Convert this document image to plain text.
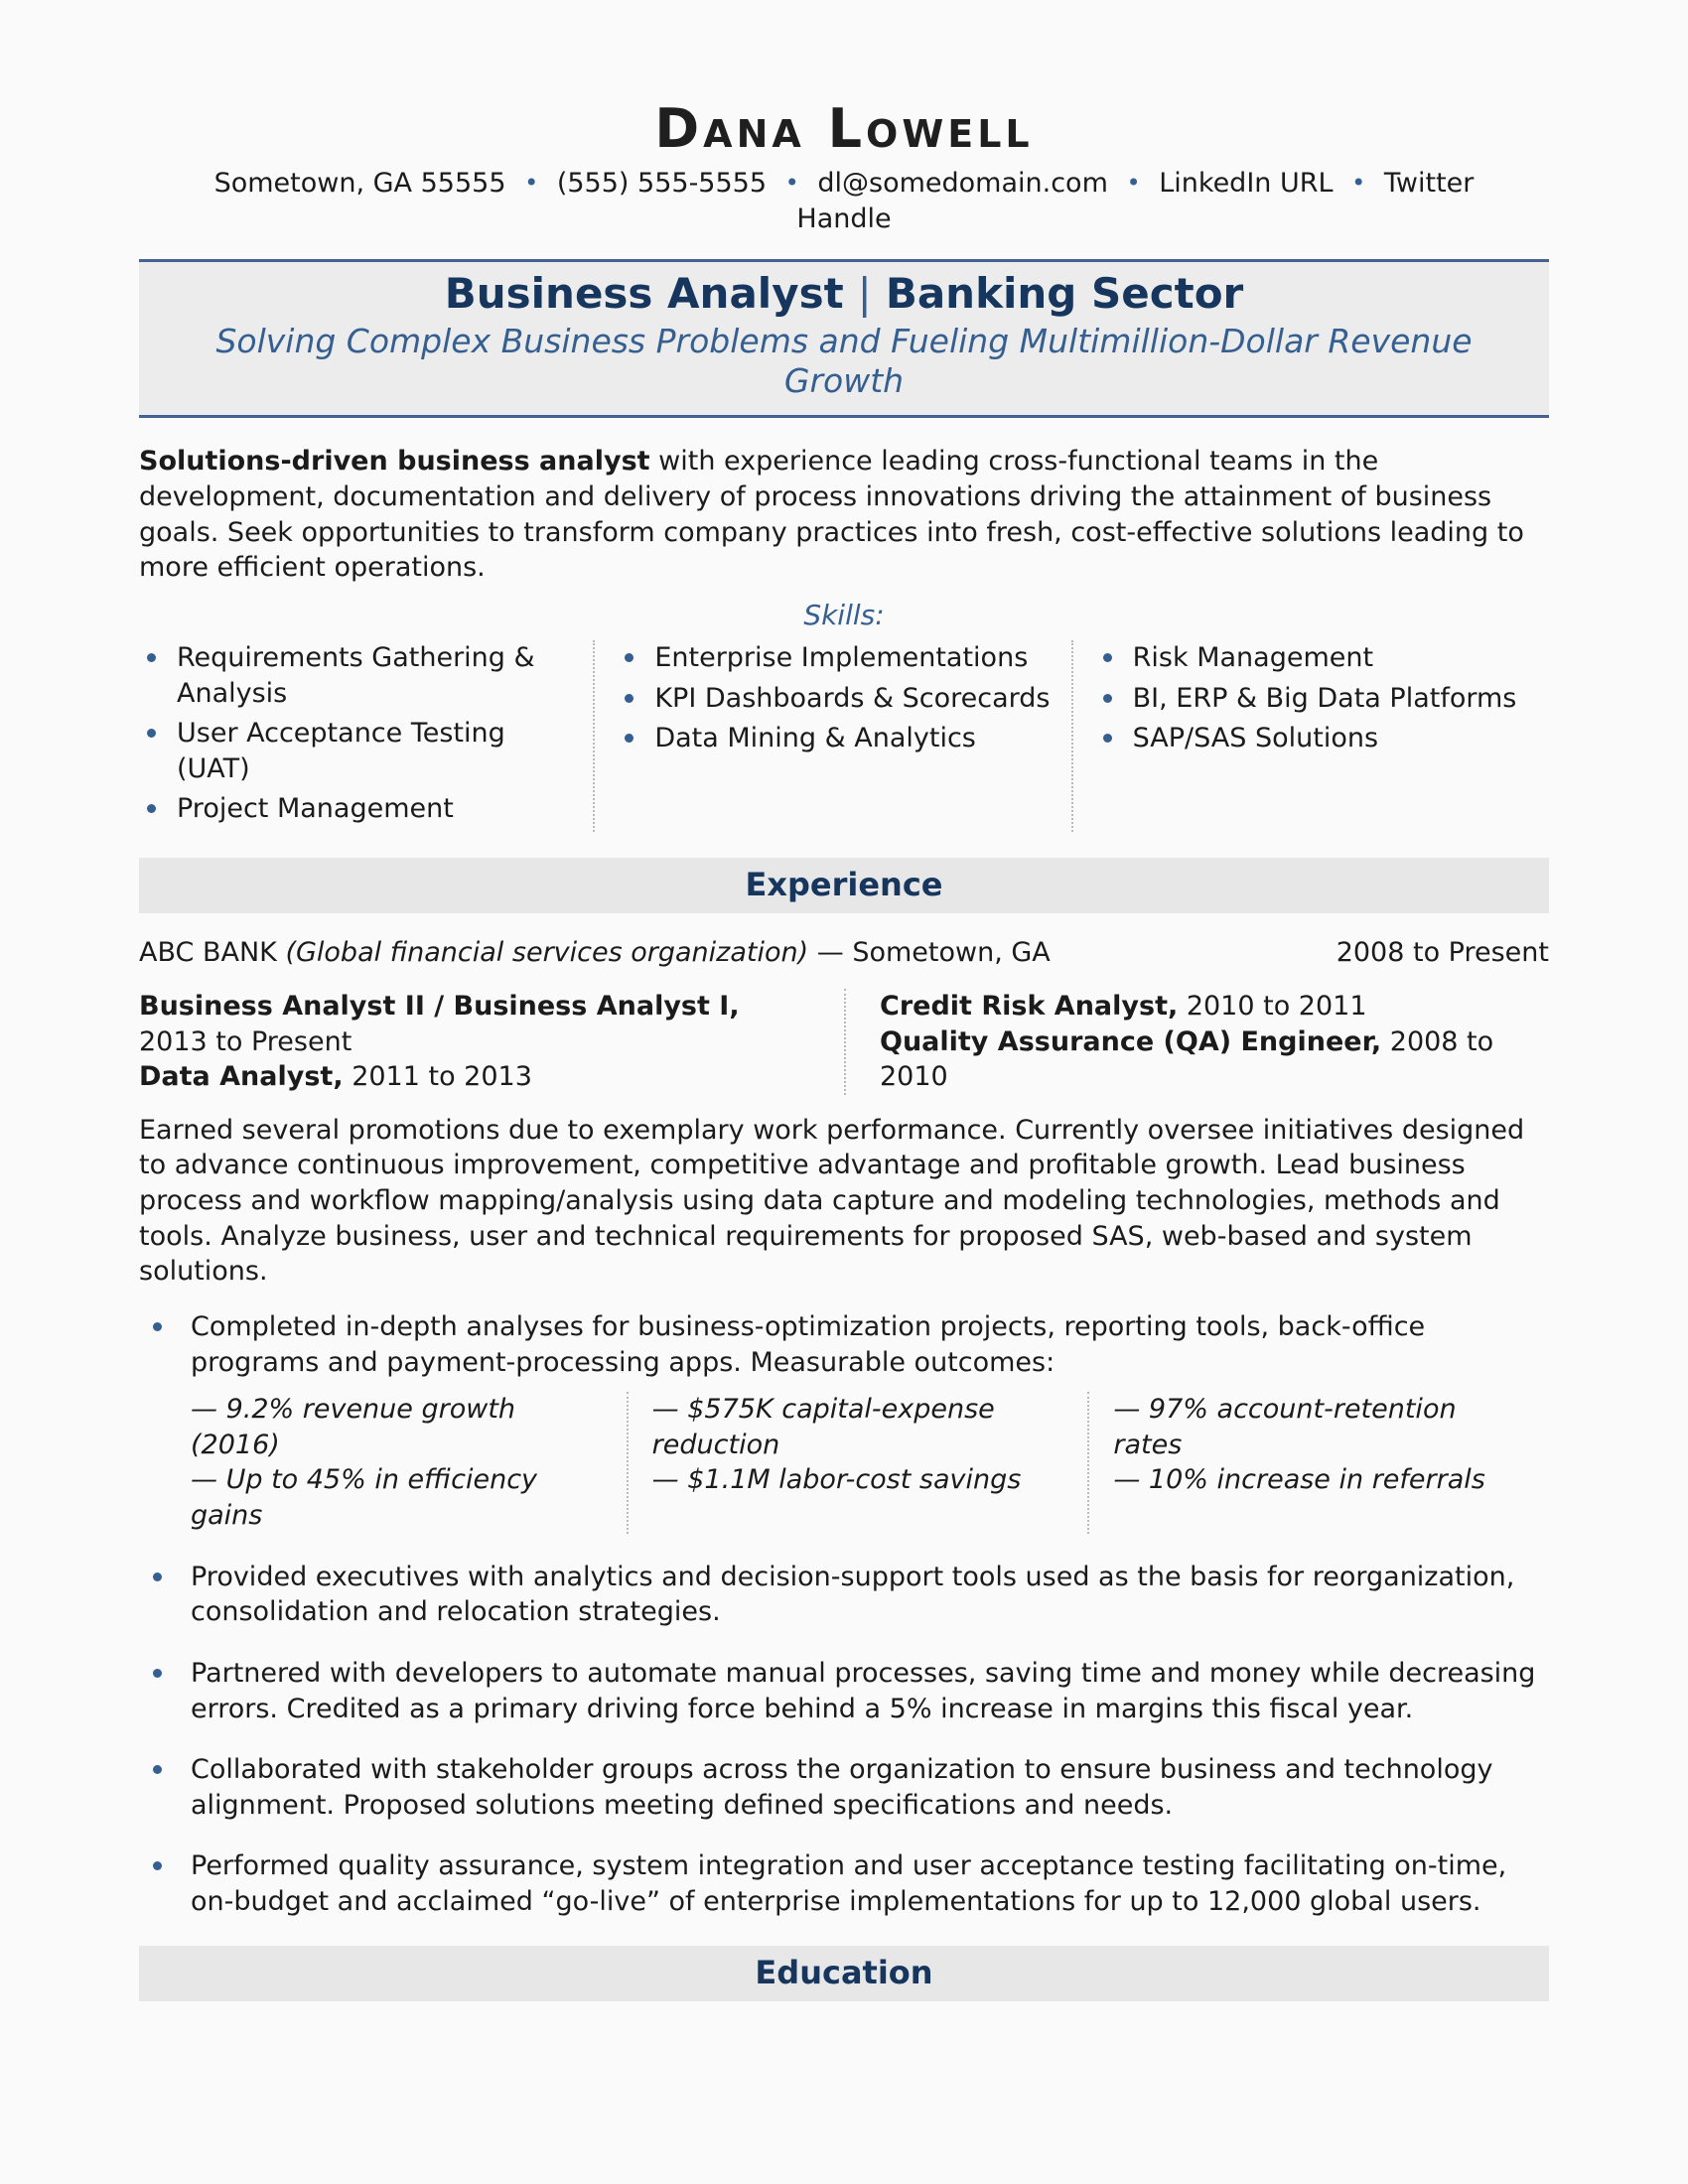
Dana Lowell
Sometown, GA 55555 • (555) 555-5555 • dl@somedomain.com • LinkedIn URL • Twitter Handle
Business Analyst | Banking Sector
Solving Complex Business Problems and Fueling Multimillion-Dollar Revenue Growth

Solutions-driven business analyst with experience leading cross-functional teams in the development, documentation and delivery of process innovations driving the attainment of business goals. Seek opportunities to transform company practices into fresh, cost-effective solutions leading to more efficient operations.

Skills:

Requirements Gathering & Analysis
User Acceptance Testing (UAT)
Project Management
Enterprise Implementations
KPI Dashboards & Scorecards
Data Mining & Analytics
Risk Management
BI, ERP & Big Data Platforms
SAP/SAS Solutions
Experience
ABC BANK (Global financial services organization) — Sometown, GA	2008 to Present

Business Analyst II / Business Analyst I, 2013 to Present

Data Analyst, 2011 to 2013

Credit Risk Analyst, 2010 to 2011

Quality Assurance (QA) Engineer, 2008 to 2010

Earned several promotions due to exemplary work performance. Currently oversee initiatives designed to advance continuous improvement, competitive advantage and profitable growth. Lead business process and workflow mapping/analysis using data capture and modeling technologies, methods and tools. Analyze business, user and technical requirements for proposed SAS, web-based and system solutions.

Completed in-depth analyses for business-optimization projects, reporting tools, back-office programs and payment-processing apps. Measurable outcomes:

— 9.2% revenue growth (2016)

— Up to 45% in efficiency gains

— $575K capital-expense reduction

— $1.1M labor-cost savings

— 97% account-retention rates

— 10% increase in referrals

Provided executives with analytics and decision-support tools used as the basis for reorganization, consolidation and relocation strategies.
Partnered with developers to automate manual processes, saving time and money while decreasing errors. Credited as a primary driving force behind a 5% increase in margins this fiscal year.
Collaborated with stakeholder groups across the organization to ensure business and technology alignment. Proposed solutions meeting defined specifications and needs.
Performed quality assurance, system integration and user acceptance testing facilitating on-time, on-budget and acclaimed “go-live” of enterprise implementations for up to 12,000 global users.
Education
